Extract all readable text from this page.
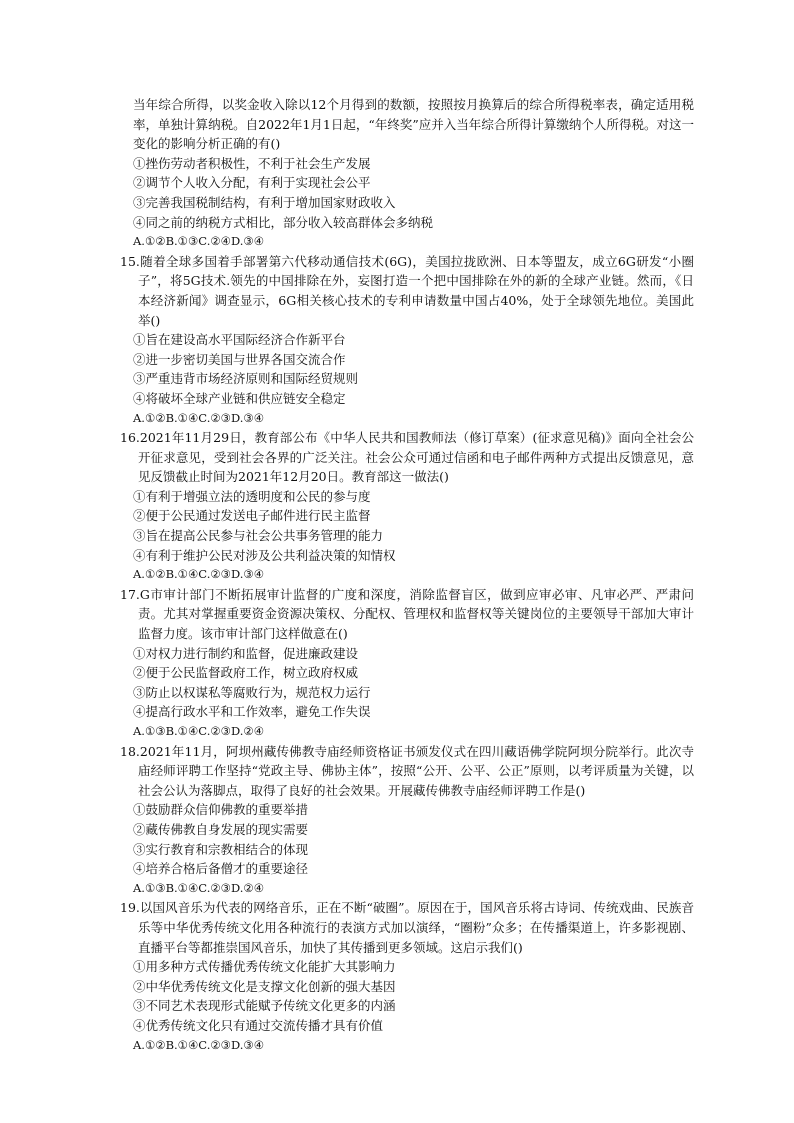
当年综合所得，以奖金收入除以12个月得到的数额，按照按月换算后的综合所得税率表，确定适用税率，单独计算纳税。自2022年1月1日起，“年终奖”应并入当年综合所得计算缴纳个人所得税。对这一变化的影响分析正确的有()
①挫伤劳动者积极性，不利于社会生产发展
②调节个人收入分配，有利于实现社会公平
③完善我国税制结构，有利于增加国家财政收入
④同之前的纳税方式相比，部分收入较高群体会多纳税
A.①②B.①③C.②④D.③④
15.随着全球多国着手部署第六代移动通信技术(6G)，美国拉拢欧洲、日本等盟友，成立6G研发“小圈子”，将5G技术.领先的中国排除在外，妄图打造一个把中国排除在外的新的全球产业链。然而，《日本经济新闻》调查显示，6G相关核心技术的专利申请数量中国占40%，处于全球领先地位。美国此举()
①旨在建设高水平国际经济合作新平台
②进一步密切美国与世界各国交流合作
③严重违背市场经济原则和国际经贸规则
④将破坏全球产业链和供应链安全稳定
A.①②B.①④C.②③D.③④
16.2021年11月29日，教育部公布《中华人民共和国教师法（修订草案）(征求意见稿)》面向全社会公开征求意见，受到社会各界的广泛关注。社会公众可通过信函和电子邮件两种方式提出反馈意见，意见反馈截止时间为2021年12月20日。教育部这一做法()
①有利于增强立法的透明度和公民的参与度
②便于公民通过发送电子邮件进行民主监督
③旨在提高公民参与社会公共事务管理的能力
④有利于维护公民对涉及公共利益决策的知情权
A.①②B.①④C.②③D.③④
17.G市审计部门不断拓展审计监督的广度和深度，消除监督盲区，做到应审必审、凡审必严、严肃问责。尤其对掌握重要资金资源决策权、分配权、管理权和监督权等关键岗位的主要领导干部加大审计监督力度。该市审计部门这样做意在()
①对权力进行制约和监督，促进廉政建设
②便于公民监督政府工作，树立政府权威
③防止以权谋私等腐败行为，规范权力运行
④提高行政水平和工作效率，避免工作失误
A.①③B.①④C.②③D.②④
18.2021年11月，阿坝州藏传佛教寺庙经师资格证书颁发仪式在四川藏语佛学院阿坝分院举行。此次寺庙经师评聘工作坚持“党政主导、佛协主体”，按照“公开、公平、公正”原则，以考评质量为关键，以社会公认为落脚点，取得了良好的社会效果。开展藏传佛教寺庙经师评聘工作是()
①鼓励群众信仰佛教的重要举措
②藏传佛教自身发展的现实需要
③实行教育和宗教相结合的体现
④培养合格后备僧才的重要途径
A.①③B.①④C.②③D.②④
19.以国风音乐为代表的网络音乐，正在不断“破圈”。原因在于，国风音乐将古诗词、传统戏曲、民族音乐等中华优秀传统文化用各种流行的表演方式加以演绎，“圈粉”众多；在传播渠道上，许多影视剧、直播平台等都推崇国风音乐，加快了其传播到更多领域。这启示我们()
①用多种方式传播优秀传统文化能扩大其影响力
②中华优秀传统文化是支撑文化创新的强大基因
③不同艺术表现形式能赋予传统文化更多的内涵
④优秀传统文化只有通过交流传播才具有价值
A.①②B.①④C.②③D.③④
